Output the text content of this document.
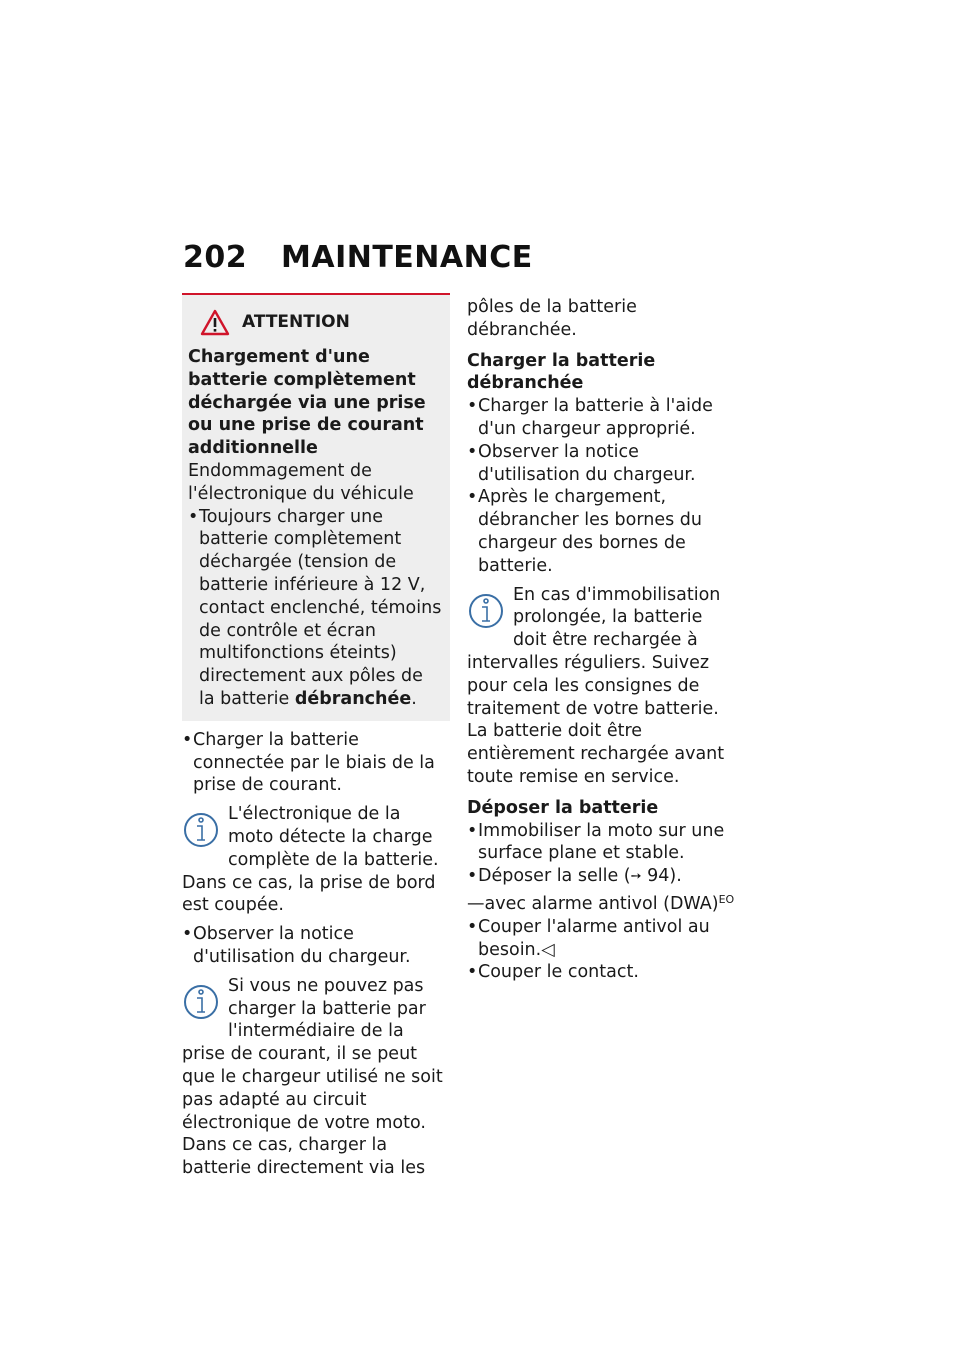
202 MAINTENANCE
ATTENTION
Chargement d'une batterie complètement déchargée via une prise ou une prise de courant additionnelle
Endommagement de l'électronique du véhicule
• Toujours charger une batterie complètement déchargée (tension de batterie inférieure à 12 V, contact enclenché, témoins de contrôle et écran multifonctions éteints) directement aux pôles de la batterie débranchée.
• Charger la batterie connectée par le biais de la prise de courant.
L'électronique de la moto détecte la charge complète de la batterie. Dans ce cas, la prise de bord est coupée.
• Observer la notice d'utilisation du chargeur.
Si vous ne pouvez pas charger la batterie par l'intermédiaire de la prise de courant, il se peut que le chargeur utilisé ne soit pas adapté au circuit électronique de votre moto. Dans ce cas, charger la batterie directement via les
pôles de la batterie débranchée.
Charger la batterie débranchée
• Charger la batterie à l'aide d'un chargeur approprié.
• Observer la notice d'utilisation du chargeur.
• Après le chargement, débrancher les bornes du chargeur des bornes de batterie.
En cas d'immobilisation prolongée, la batterie doit être rechargée à intervalles réguliers. Suivez pour cela les consignes de traitement de votre batterie. La batterie doit être entièrement rechargée avant toute remise en service.
Déposer la batterie
• Immobiliser la moto sur une surface plane et stable.
• Déposer la selle (➙ 94).
—avec alarme antivol (DWA)$^{EO}$
• Couper l'alarme antivol au besoin.◁
• Couper le contact.
